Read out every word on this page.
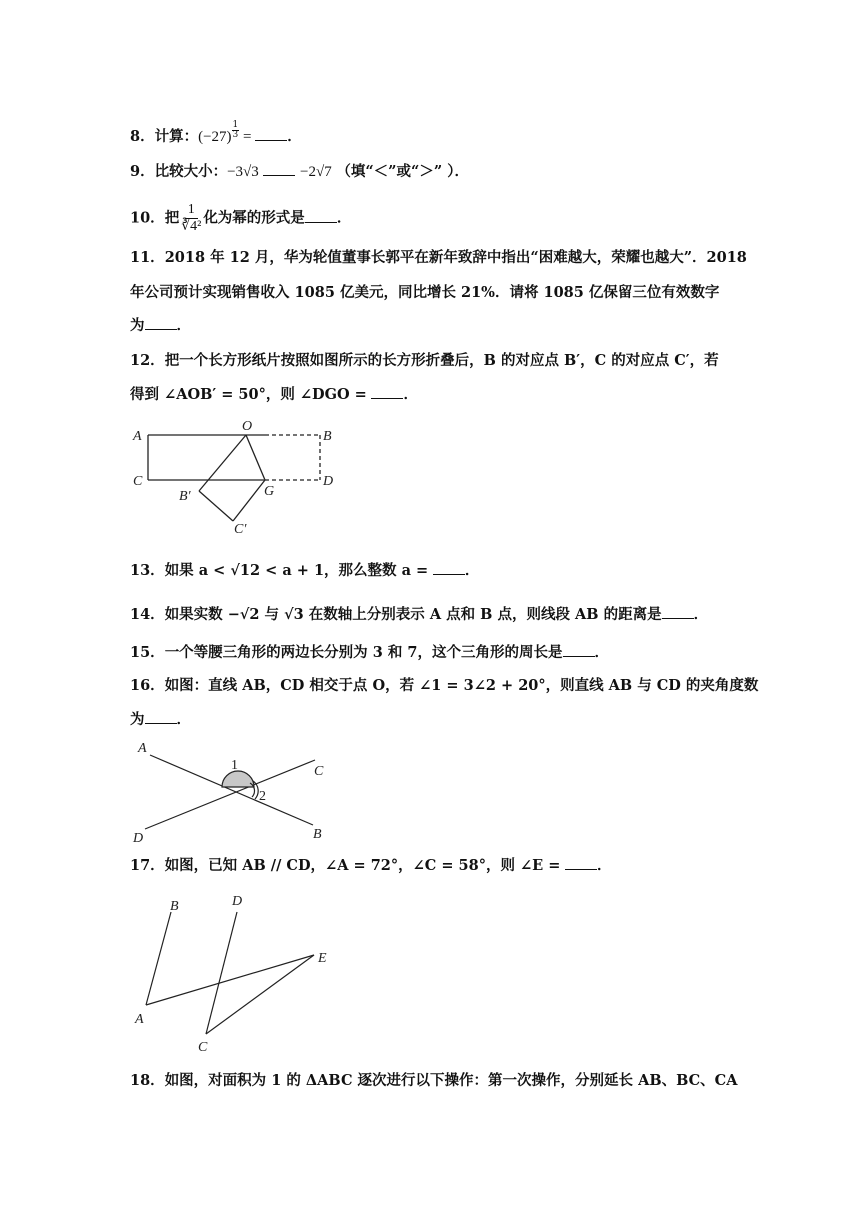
8．计算：$(-27) \frac{1}{3}$ = ．
9．比较大小：−3√3	−2√7 （填“＜”或“＞” ）．
10．把 $\frac{1}{\text{∛4²}}$ 化为幂的形式是 ．
11．2018 年 12 月，华为轮值董事长郭平在新年致辞中指出“困难越大，荣耀也越大”．2018
年公司预计实现销售收入 1085 亿美元，同比增长 21%．请将 1085 亿保留三位有效数字
为 ．
12．把一个长方形纸片按照如图所示的长方形折叠后，B 的对应点 B′，C 的对应点 C′，若
得到 ∠AOB′ = 50°，则 ∠DGO =	．
13．如果 a < √12 < a + 1，那么整数 a =	．
14．如果实数 −√2 与 √3 在数轴上分别表示 A 点和 B 点，则线段 AB 的距离是 ．
15．一个等腰三角形的两边长分别为 3 和 7，这个三角形的周长是 ．
16．如图：直线 AB，CD 相交于点 O，若 ∠1 = 3∠2 + 20°，则直线 AB 与 CD 的夹角度数
为 ．
17．如图，已知 AB // CD，∠A = 72°，∠C = 58°，则 ∠E =	．
18．如图，对面积为 1 的 ΔABC 逐次进行以下操作：第一次操作，分别延长 AB、BC、CA
A
O
B
C
B′	G
D
C′
A
1	C
2
D	B
B	D
E
A
C
